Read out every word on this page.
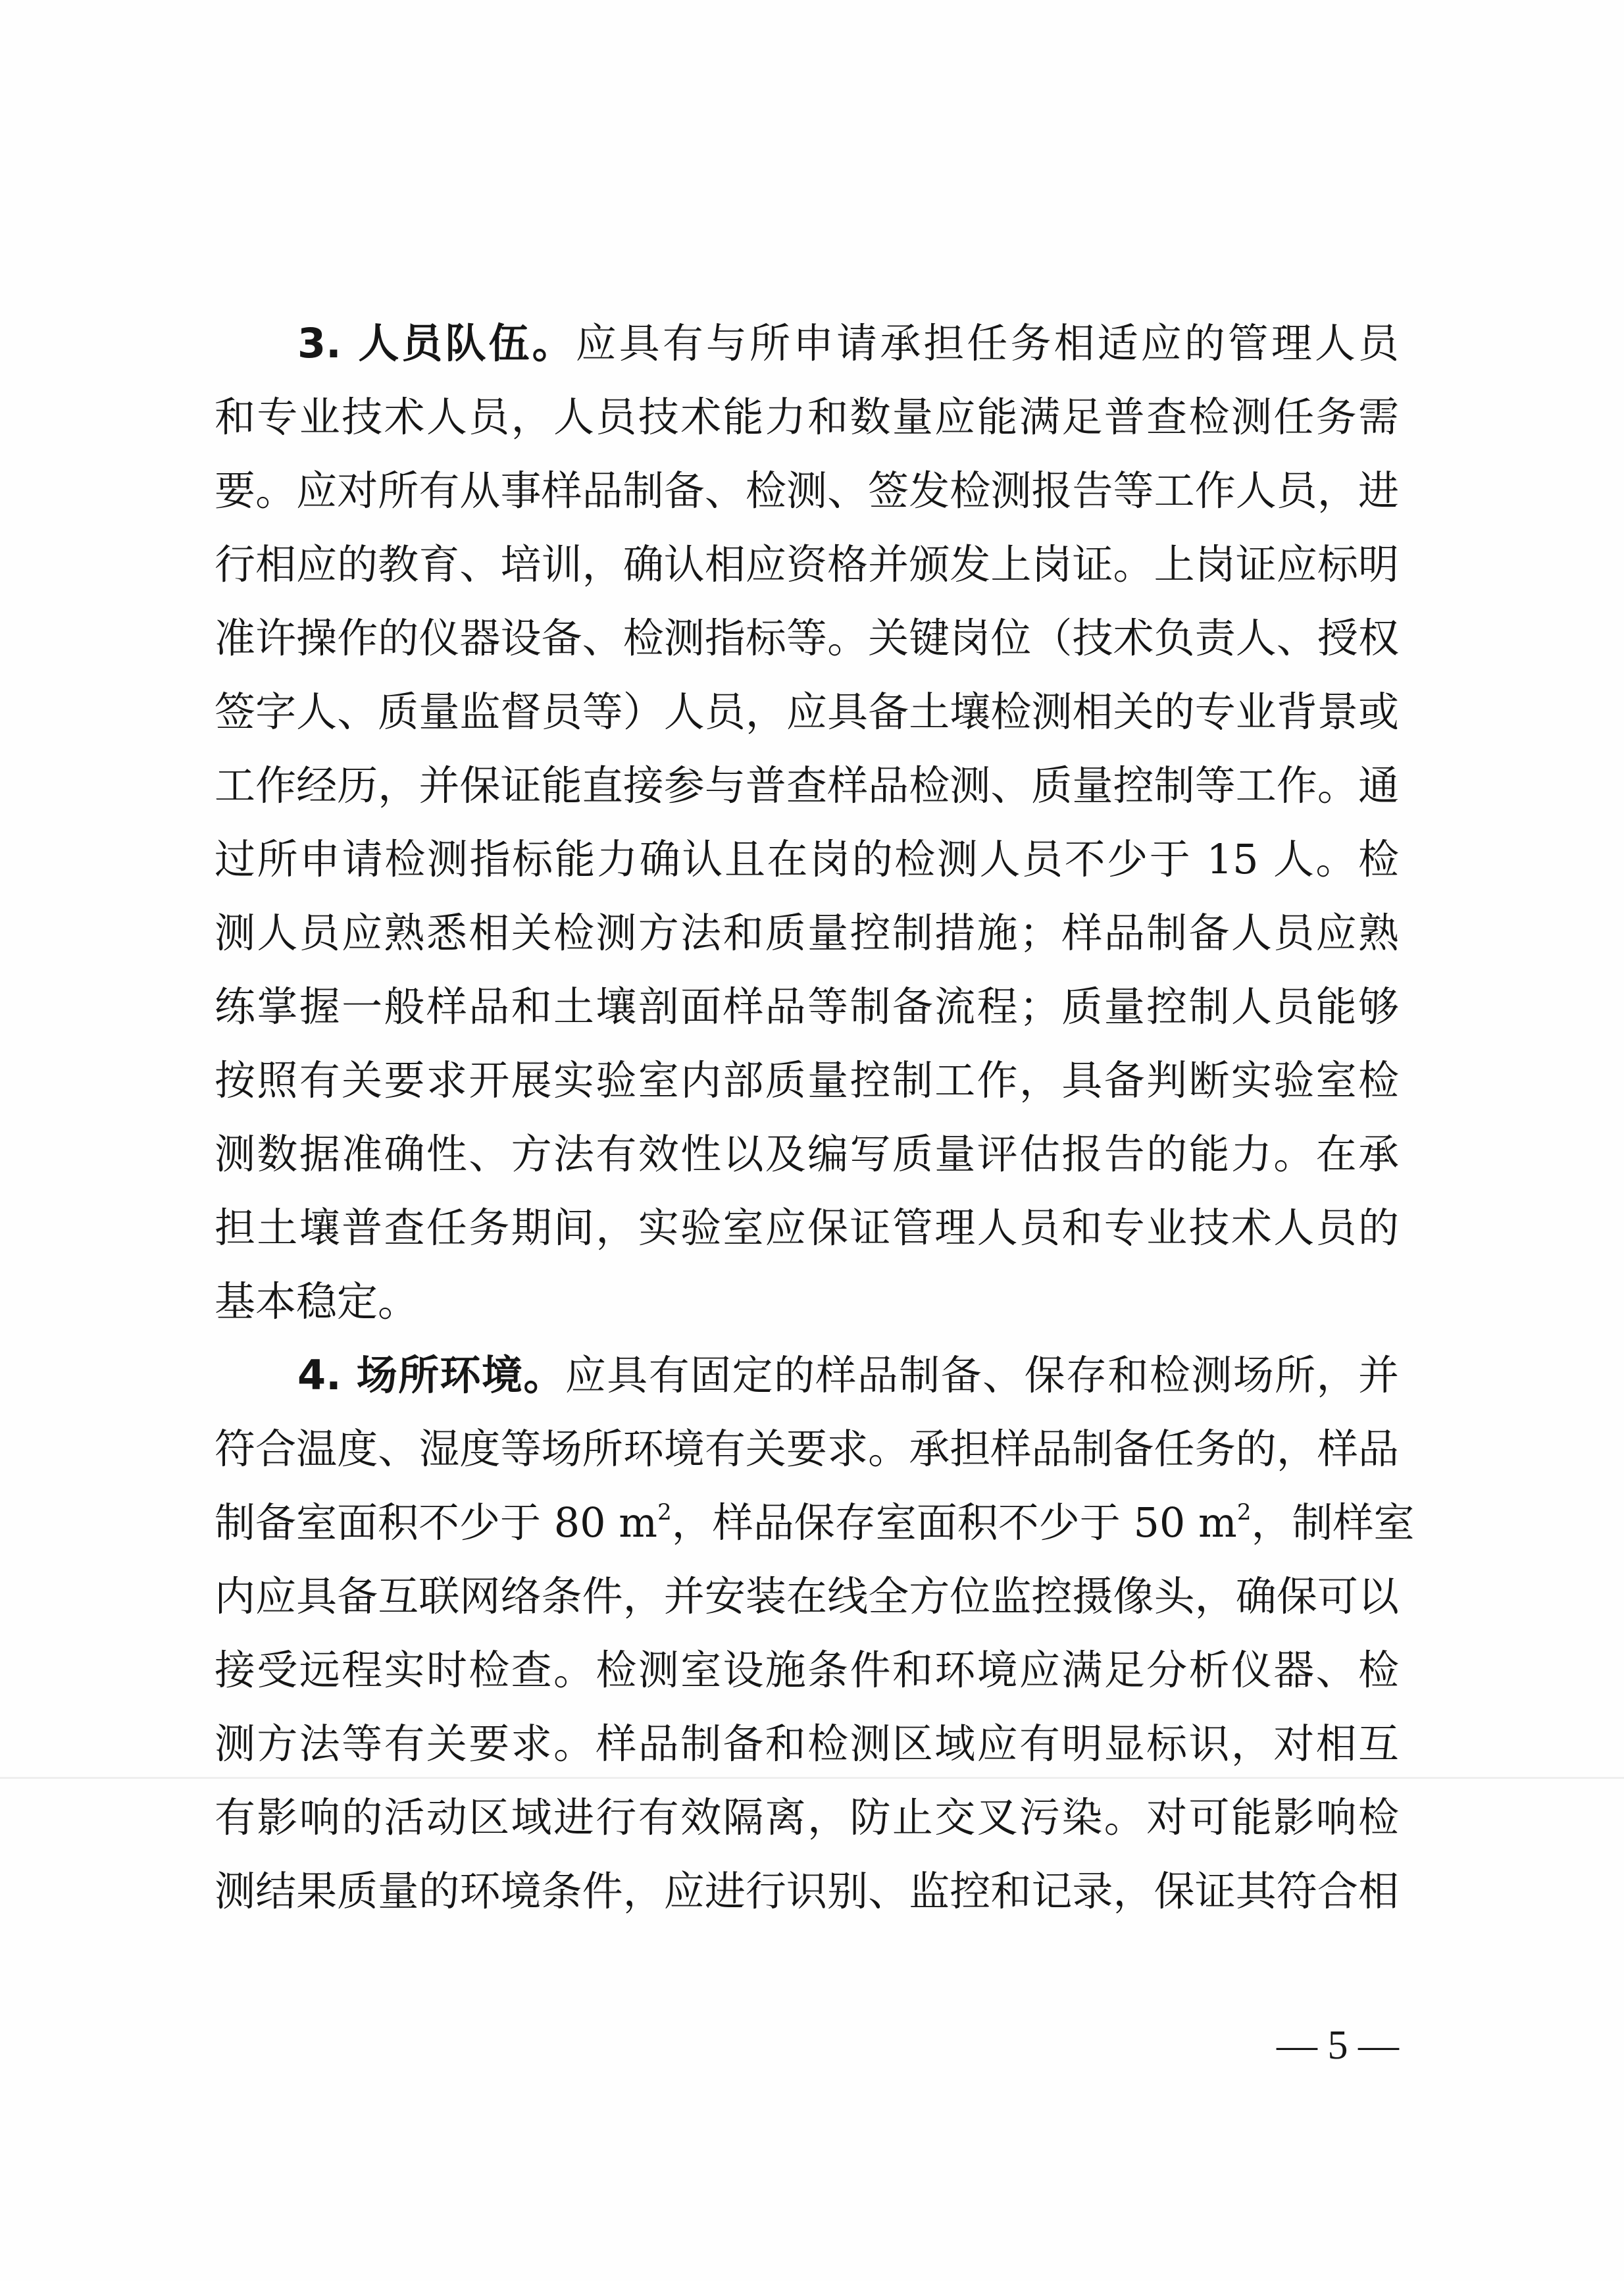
3. 人员队伍。应具有与所申请承担任务相适应的管理人员
和专业技术人员，人员技术能力和数量应能满足普查检测任务需
要。应对所有从事样品制备、检测、签发检测报告等工作人员，进
行相应的教育、培训，确认相应资格并颁发上岗证。上岗证应标明
准许操作的仪器设备、检测指标等。关键岗位（技术负责人、授权
签字人、质量监督员等）人员，应具备土壤检测相关的专业背景或
工作经历，并保证能直接参与普查样品检测、质量控制等工作。通
过所申请检测指标能力确认且在岗的检测人员不少于 15 人。检
测人员应熟悉相关检测方法和质量控制措施；样品制备人员应熟
练掌握一般样品和土壤剖面样品等制备流程；质量控制人员能够
按照有关要求开展实验室内部质量控制工作，具备判断实验室检
测数据准确性、方法有效性以及编写质量评估报告的能力。在承
担土壤普查任务期间，实验室应保证管理人员和专业技术人员的
基本稳定。
4. 场所环境。应具有固定的样品制备、保存和检测场所，并
符合温度、湿度等场所环境有关要求。承担样品制备任务的，样品
制备室面积不少于 80 $m^2$，样品保存室面积不少于 50 $m^2$，制样室
内应具备互联网络条件，并安装在线全方位监控摄像头，确保可以
接受远程实时检查。检测室设施条件和环境应满足分析仪器、检
测方法等有关要求。样品制备和检测区域应有明显标识，对相互
有影响的活动区域进行有效隔离，防止交叉污染。对可能影响检
测结果质量的环境条件，应进行识别、监控和记录，保证其符合相
— 5 —
